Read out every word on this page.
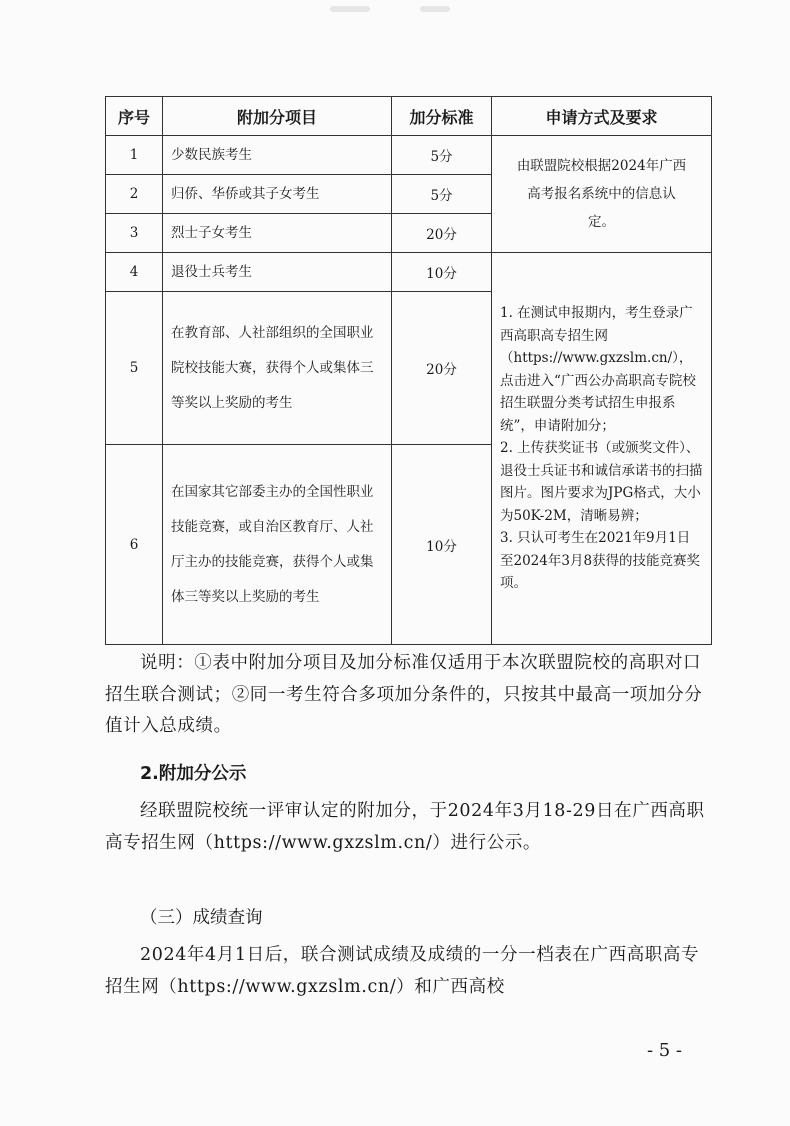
序号	附加分项目	加分标准	申请方式及要求
1	少数民族考生	5分	由联盟院校根据2024年广西高考报名系统中的信息认定。

2	归侨、华侨或其子女考生	5分	
3	烈士子女考生	20分	
4	退役士兵考生	10分	1. 在测试申报期内，考生登录广西高职高专招生网（https://www.gxzslm.cn/），点击进入“广西公办高职高专院校招生联盟分类考试招生申报系统”，申请附加分；

2. 上传获奖证书（或颁奖文件）、退役士兵证书和诚信承诺书的扫描图片。图片要求为JPG格式，大小为50K-2M，清晰易辨；

3. 只认可考生在2021年9月1日至2024年3月8获得的技能竞赛奖项。

5	在教育部、人社部组织的全国职业院校技能大赛，获得个人或集体三等奖以上奖励的考生	20分	
6	在国家其它部委主办的全国性职业技能竞赛，或自治区教育厅、人社厅主办的技能竞赛，获得个人或集体三等奖以上奖励的考生	10分	

说明：①表中附加分项目及加分标准仅适用于本次联盟院校的高职对口招生联合测试；②同一考生符合多项加分条件的，只按其中最高一项加分分值计入总成绩。

2.附加分公示

经联盟院校统一评审认定的附加分，于2024年3月18-29日在广西高职高专招生网（https://www.gxzslm.cn/）进行公示。

（三）成绩查询

2024年4月1日后，联合测试成绩及成绩的一分一档表在广西高职高专招生网（https://www.gxzslm.cn/）和广西高校

- 5 -
